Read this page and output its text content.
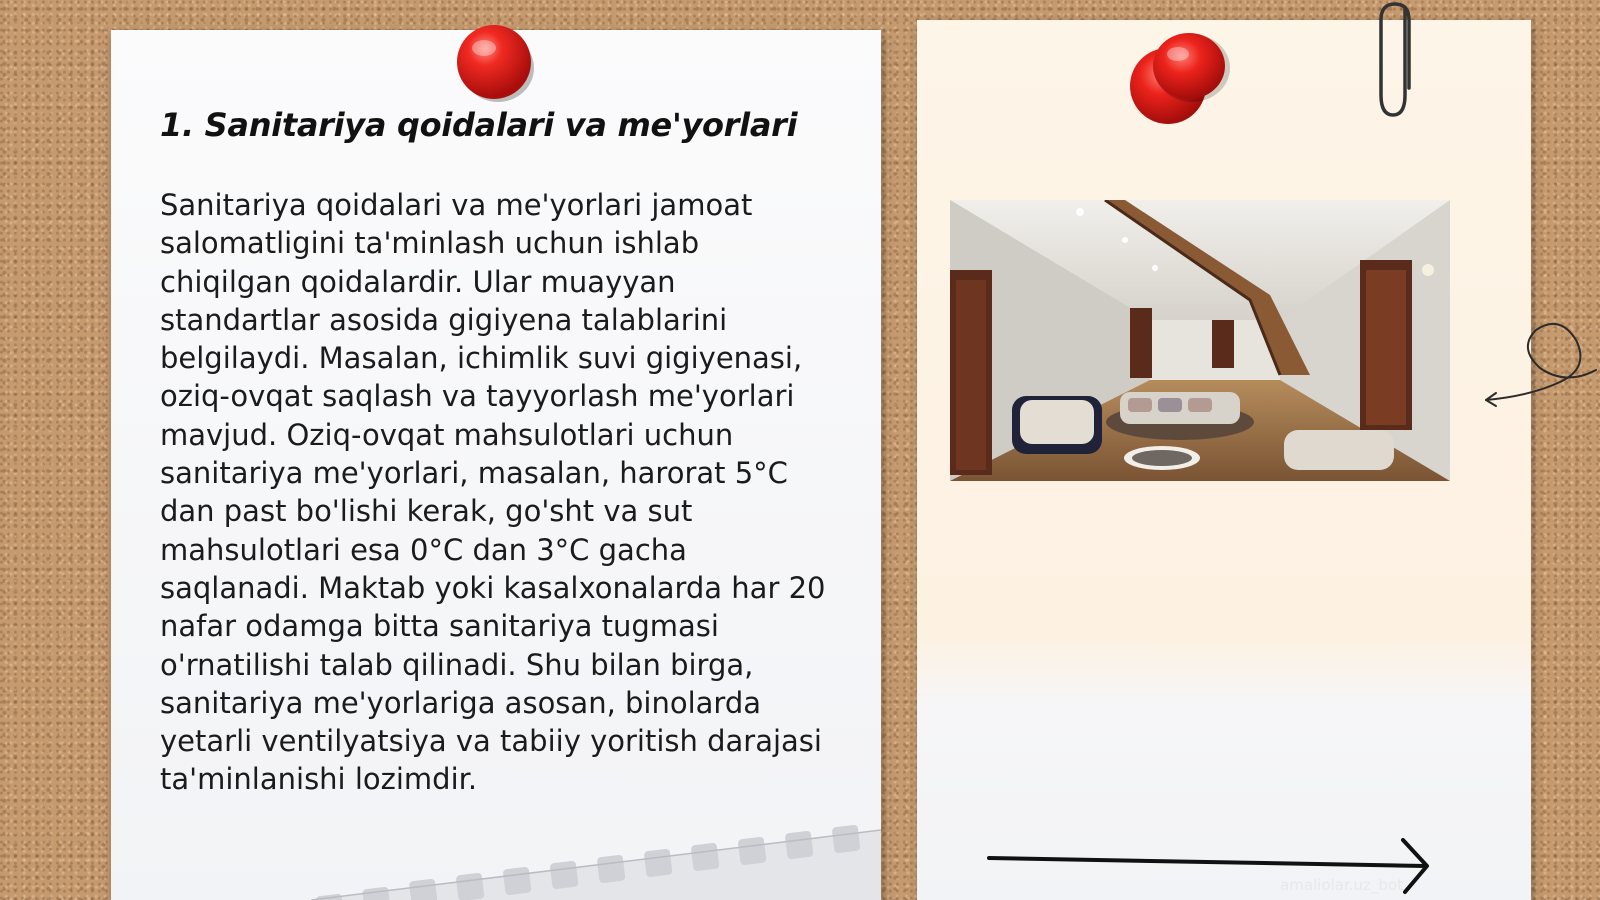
1. Sanitariya qoidalari va me'yorlari

Sanitariya qoidalari va me'yorlari jamoat salomatligini ta'minlash uchun ishlab chiqilgan qoidalardir. Ular muayyan standartlar asosida gigiyena talablarini belgilaydi. Masalan, ichimlik suvi gigiyenasi, oziq-ovqat saqlash va tayyorlash me'yorlari mavjud. Oziq-ovqat mahsulotlari uchun sanitariya me'yorlari, masalan, harorat 5°C dan past bo'lishi kerak, go'sht va sut mahsulotlari esa 0°C dan 3°C gacha saqlanadi. Maktab yoki kasalxonalarda har 20 nafar odamga bitta sanitariya tugmasi o'rnatilishi talab qilinadi. Shu bilan birga, sanitariya me'yorlariga asosan, binolarda yetarli ventilyatsiya va tabiiy yoritish darajasi ta'minlanishi lozimdir.

amaliolar.uz_bot
